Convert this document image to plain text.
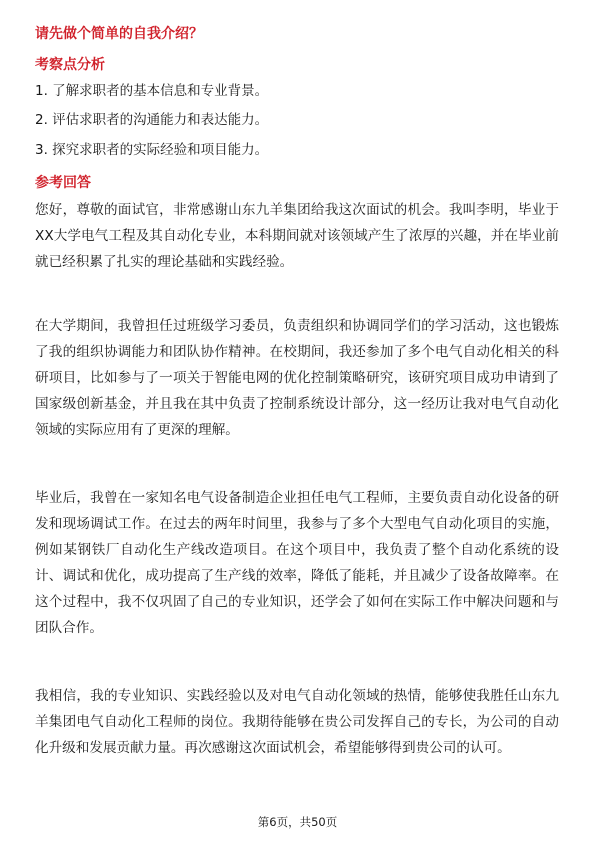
请先做个简单的自我介绍？
考察点分析
1. 了解求职者的基本信息和专业背景。
2. 评估求职者的沟通能力和表达能力。
3. 探究求职者的实际经验和项目能力。
参考回答
您好，尊敬的面试官，非常感谢山东九羊集团给我这次面试的机会。我叫李明，毕业于XX大学电气工程及其自动化专业，本科期间就对该领域产生了浓厚的兴趣，并在毕业前就已经积累了扎实的理论基础和实践经验。
在大学期间，我曾担任过班级学习委员，负责组织和协调同学们的学习活动，这也锻炼了我的组织协调能力和团队协作精神。在校期间，我还参加了多个电气自动化相关的科研项目，比如参与了一项关于智能电网的优化控制策略研究，该研究项目成功申请到了国家级创新基金，并且我在其中负责了控制系统设计部分，这一经历让我对电气自动化领域的实际应用有了更深的理解。
毕业后，我曾在一家知名电气设备制造企业担任电气工程师，主要负责自动化设备的研发和现场调试工作。在过去的两年时间里，我参与了多个大型电气自动化项目的实施，例如某钢铁厂自动化生产线改造项目。在这个项目中，我负责了整个自动化系统的设计、调试和优化，成功提高了生产线的效率，降低了能耗，并且减少了设备故障率。在这个过程中，我不仅巩固了自己的专业知识，还学会了如何在实际工作中解决问题和与团队合作。
我相信，我的专业知识、实践经验以及对电气自动化领域的热情，能够使我胜任山东九羊集团电气自动化工程师的岗位。我期待能够在贵公司发挥自己的专长，为公司的自动化升级和发展贡献力量。再次感谢这次面试机会，希望能够得到贵公司的认可。
第6页，共50页
